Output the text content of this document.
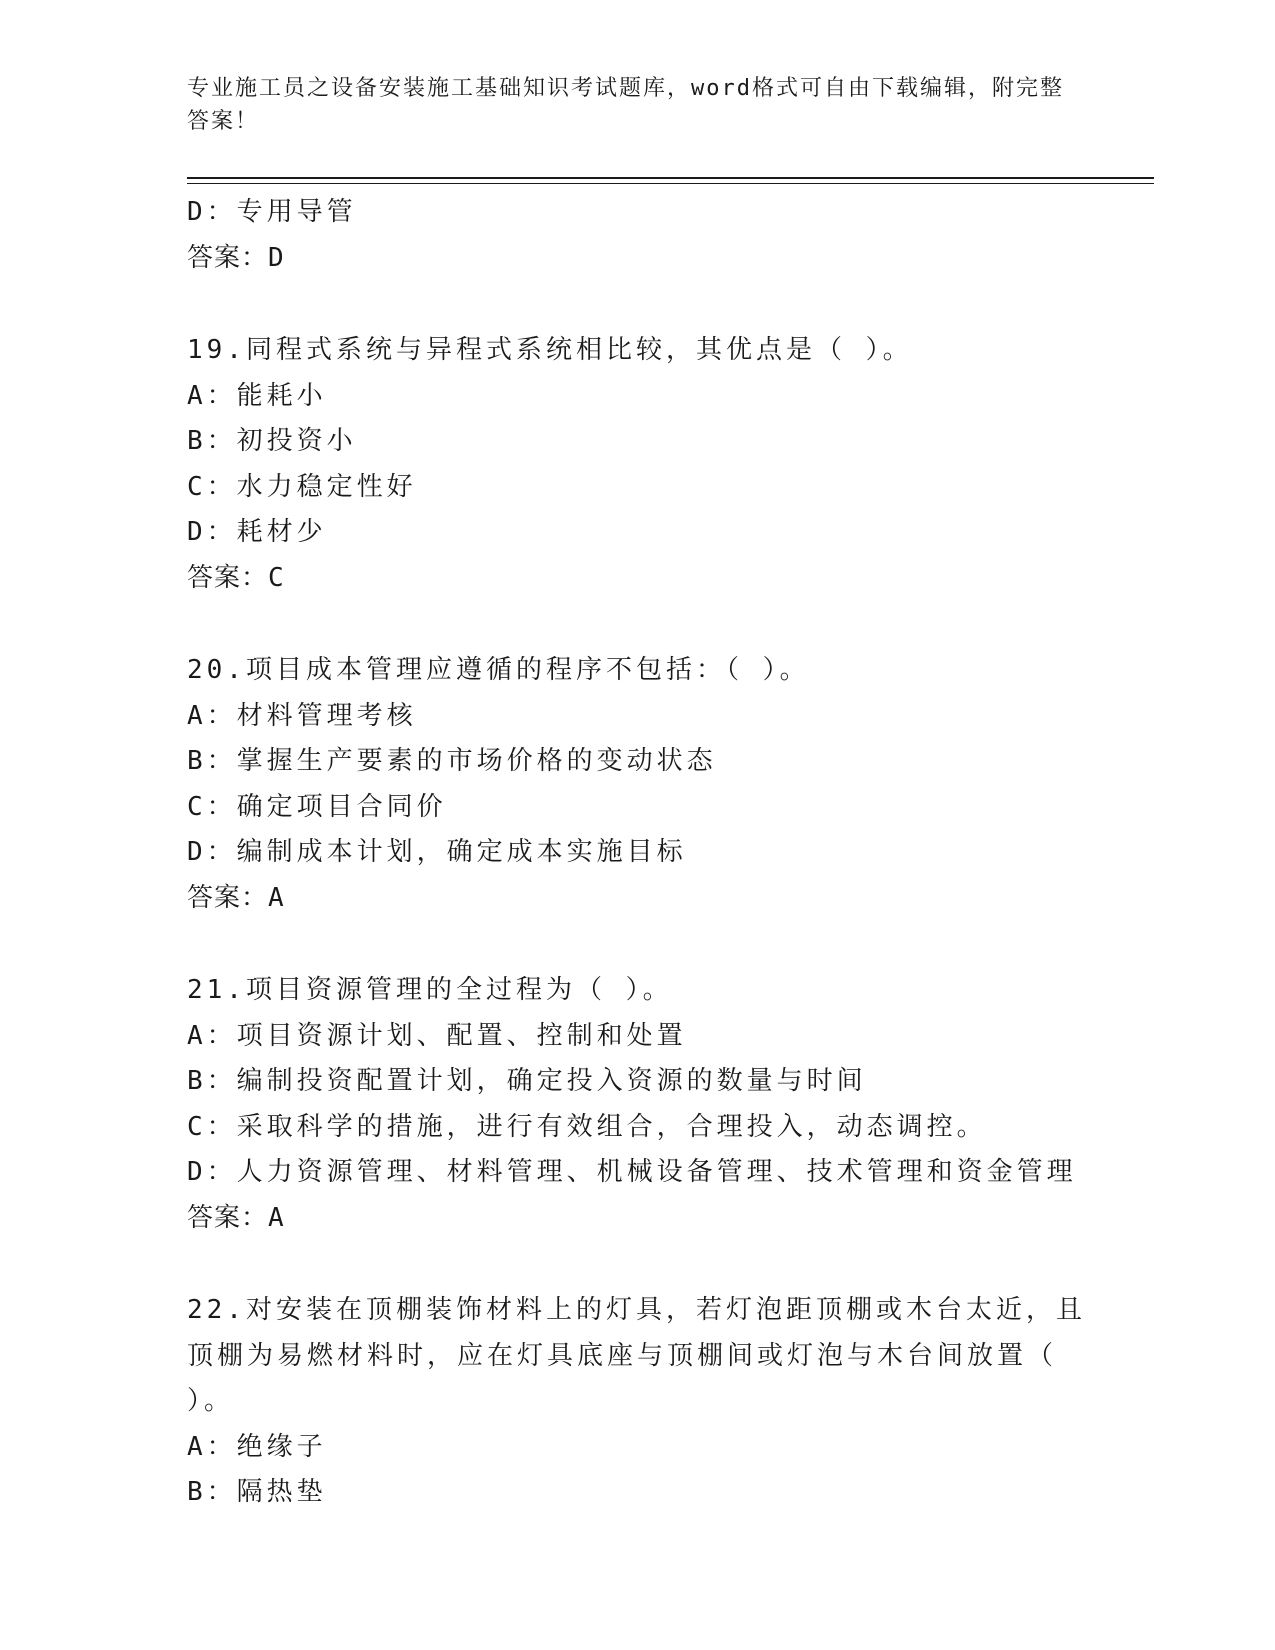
专业施工员之设备安装施工基础知识考试题库，word格式可自由下载编辑，附完整答案！
D：专用导管
答案：D
19.同程式系统与异程式系统相比较，其优点是（ ）。
A：能耗小
B：初投资小
C：水力稳定性好
D：耗材少
答案：C
20.项目成本管理应遵循的程序不包括：（ ）。
A：材料管理考核
B：掌握生产要素的市场价格的变动状态
C：确定项目合同价
D：编制成本计划，确定成本实施目标
答案：A
21.项目资源管理的全过程为（ ）。
A：项目资源计划、配置、控制和处置
B：编制投资配置计划，确定投入资源的数量与时间
C：采取科学的措施，进行有效组合，合理投入，动态调控。
D：人力资源管理、材料管理、机械设备管理、技术管理和资金管理
答案：A
22.对安装在顶棚装饰材料上的灯具，若灯泡距顶棚或木台太近，且顶棚为易燃材料时，应在灯具底座与顶棚间或灯泡与木台间放置（ ）。
A：绝缘子
B：隔热垫
